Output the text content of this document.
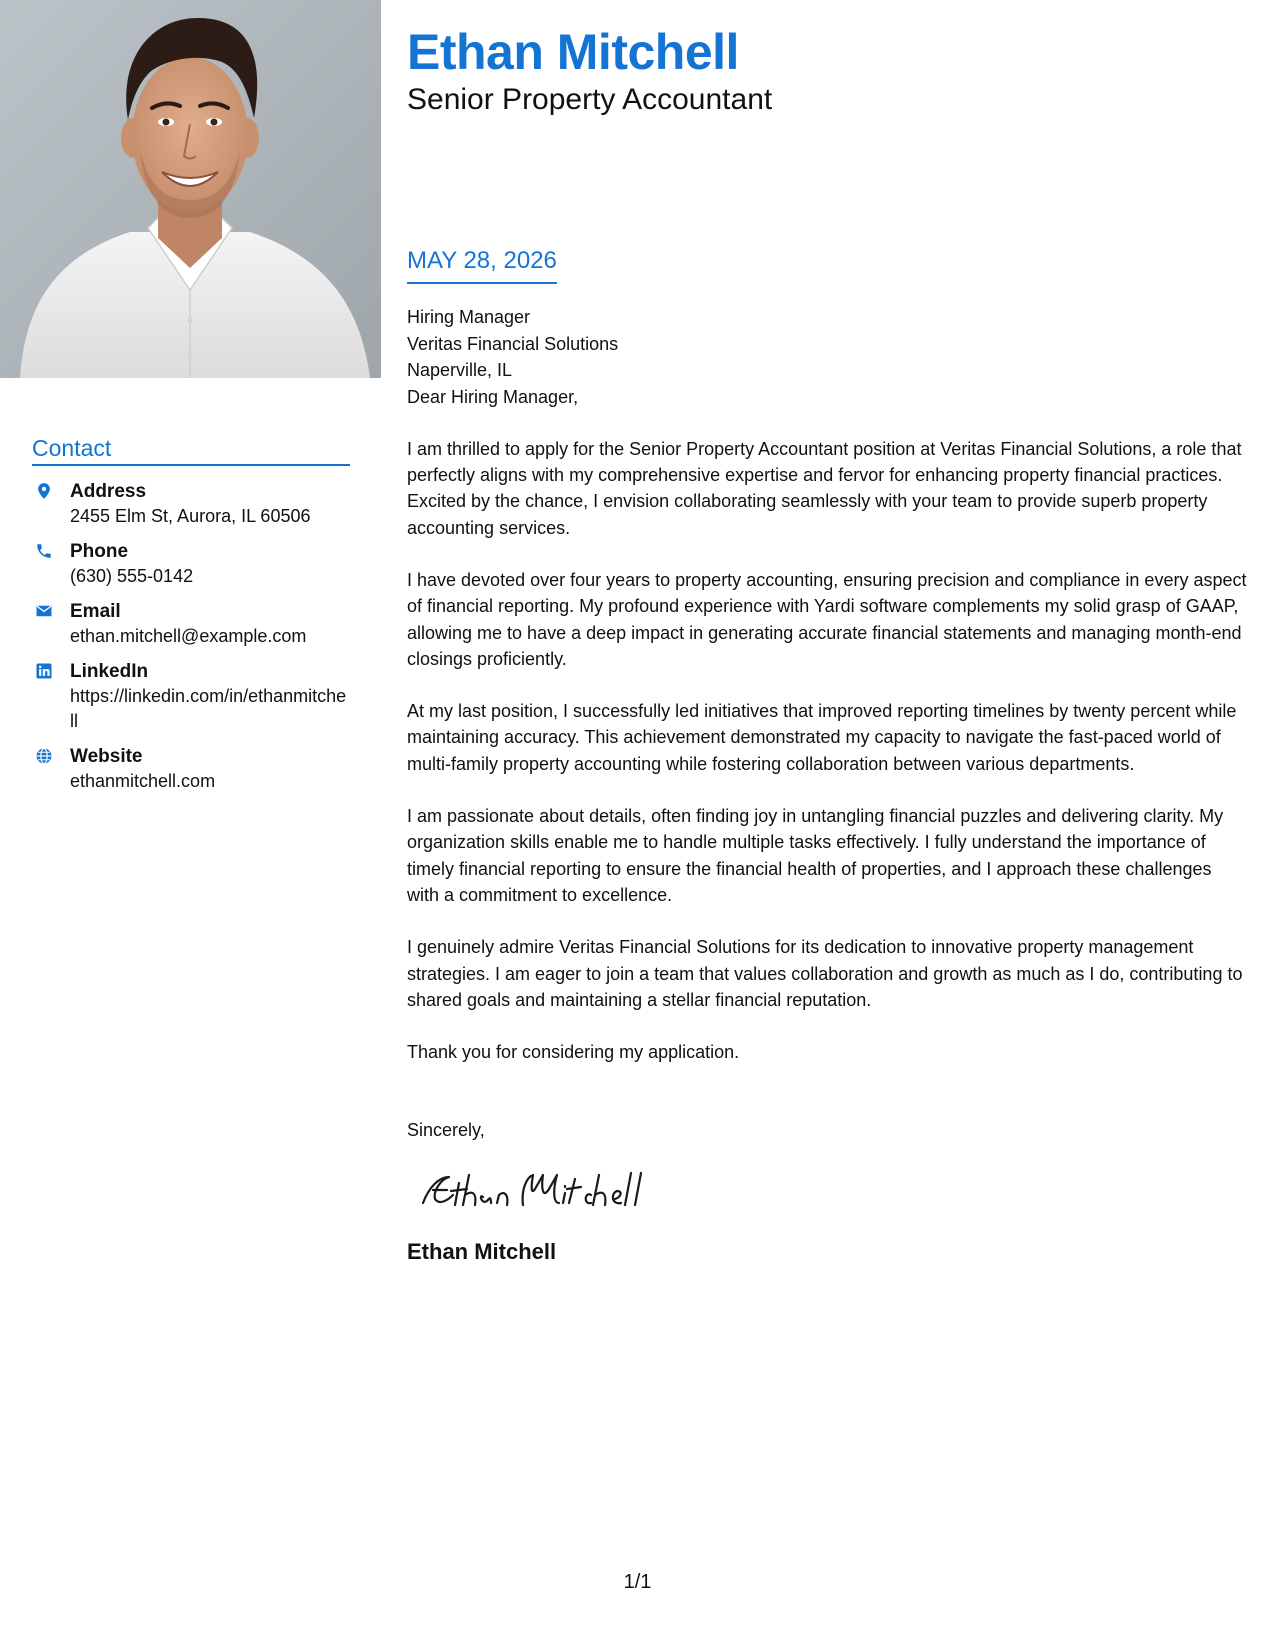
Contact
Address
2455 Elm St, Aurora, IL 60506
Phone
(630) 555-0142
Email
ethan.mitchell@example.com
LinkedIn
https://linkedin.com/in/ethanmitchell
Website
ethanmitchell.com
Ethan Mitchell
Senior Property Accountant
MAY 28, 2026
Hiring Manager
Veritas Financial Solutions
Naperville, IL

Dear Hiring Manager,

I am thrilled to apply for the Senior Property Accountant position at Veritas Financial Solutions, a role that perfectly aligns with my comprehensive expertise and fervor for enhancing property financial practices. Excited by the chance, I envision collaborating seamlessly with your team to provide superb property accounting services.

I have devoted over four years to property accounting, ensuring precision and compliance in every aspect of financial reporting. My profound experience with Yardi software complements my solid grasp of GAAP, allowing me to have a deep impact in generating accurate financial statements and managing month-end closings proficiently.

At my last position, I successfully led initiatives that improved reporting timelines by twenty percent while maintaining accuracy. This achievement demonstrated my capacity to navigate the fast-paced world of multi-family property accounting while fostering collaboration between various departments.

I am passionate about details, often finding joy in untangling financial puzzles and delivering clarity. My organization skills enable me to handle multiple tasks effectively. I fully understand the importance of timely financial reporting to ensure the financial health of properties, and I approach these challenges with a commitment to excellence.

I genuinely admire Veritas Financial Solutions for its dedication to innovative property management strategies. I am eager to join a team that values collaboration and growth as much as I do, contributing to shared goals and maintaining a stellar financial reputation.

Thank you for considering my application.

Sincerely,
Ethan Mitchell
1/1
